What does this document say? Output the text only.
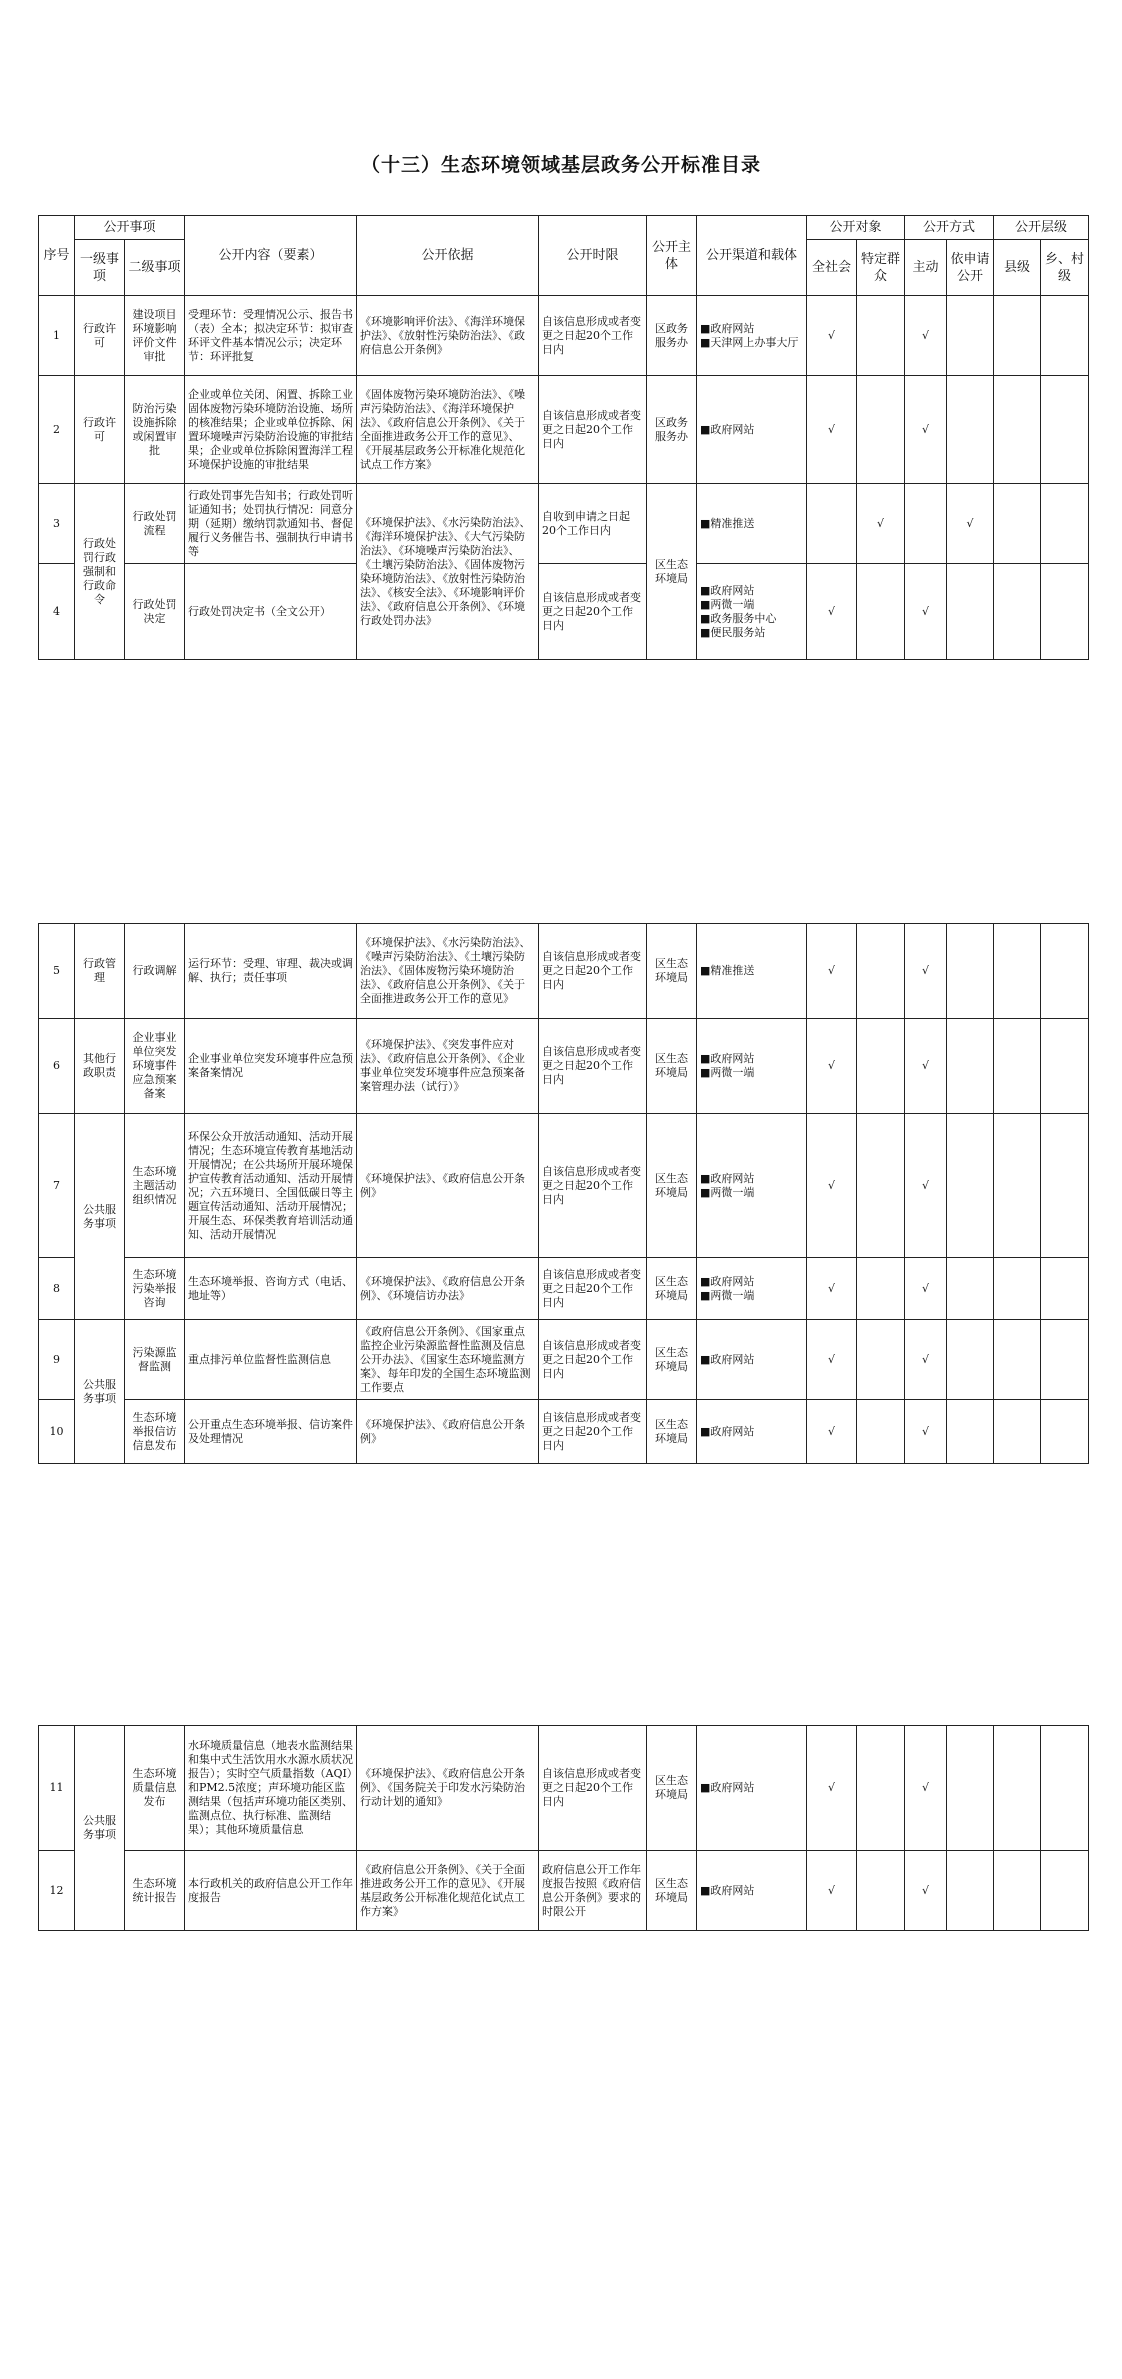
（十三）生态环境领域基层政务公开标准目录
序号	公开事项		公开内容（要素）	公开依据	公开时限	公开主体	公开渠道和载体	公开对象		公开方式		公开层级	
	一级事项	二级事项						全社会	特定群众	主动	依申请公开	县级	乡、村级
1	行政许可	建设项目环境影响评价文件审批	受理环节：受理情况公示、报告书（表）全本；拟决定环节：拟审查环评文件基本情况公示；决定环节：环评批复	《环境影响评价法》、《海洋环境保护法》、《放射性污染防治法》、《政府信息公开条例》	自该信息形成或者变更之日起20个工作日内	区政务服务办	■政府网站
■天津网上办事大厅	√		√			
2	行政许可	防治污染设施拆除或闲置审批	企业或单位关闭、闲置、拆除工业固体废物污染环境防治设施、场所的核准结果；企业或单位拆除、闲置环境噪声污染防治设施的审批结果；企业或单位拆除闲置海洋工程环境保护设施的审批结果	《固体废物污染环境防治法》、《噪声污染防治法》、《海洋环境保护法》、《政府信息公开条例》、《关于全面推进政务公开工作的意见》、《开展基层政务公开标准化规范化试点工作方案》	自该信息形成或者变更之日起20个工作日内	区政务服务办	■政府网站	√		√			
3	行政处罚行政强制和行政命令	行政处罚流程	行政处罚事先告知书；行政处罚听证通知书；处罚执行情况：同意分期（延期）缴纳罚款通知书、督促履行义务催告书、强制执行申请书等	《环境保护法》、《水污染防治法》、《海洋环境保护法》、《大气污染防治法》、《环境噪声污染防治法》、《土壤污染防治法》、《固体废物污染环境防治法》、《放射性污染防治法》、《核安全法》、《环境影响评价法》、《政府信息公开条例》、《环境行政处罚办法》	自收到申请之日起20个工作日内	区生态环境局	■精准推送		√		√		
4		行政处罚决定	行政处罚决定书（全文公开）		自该信息形成或者变更之日起20个工作日内		■政府网站
■两微一端
■政务服务中心
■便民服务站	√		√			
5	行政管理	行政调解	运行环节：受理、审理、裁决或调解、执行；责任事项	《环境保护法》、《水污染防治法》、《噪声污染防治法》、《土壤污染防治法》、《固体废物污染环境防治法》、《政府信息公开条例》、《关于全面推进政务公开工作的意见》	自该信息形成或者变更之日起20个工作日内	区生态环境局	■精准推送	√		√			
6	其他行政职责	企业事业单位突发环境事件应急预案备案	企业事业单位突发环境事件应急预案备案情况	《环境保护法》、《突发事件应对法》、《政府信息公开条例》、《企业事业单位突发环境事件应急预案备案管理办法（试行）》	自该信息形成或者变更之日起20个工作日内	区生态环境局	■政府网站
■两微一端	√		√			
7	公共服务事项	生态环境主题活动组织情况	环保公众开放活动通知、活动开展情况；生态环境宣传教育基地活动开展情况；在公共场所开展环境保护宣传教育活动通知、活动开展情况；六五环境日、全国低碳日等主题宣传活动通知、活动开展情况；开展生态、环保类教育培训活动通知、活动开展情况	《环境保护法》、《政府信息公开条例》	自该信息形成或者变更之日起20个工作日内	区生态环境局	■政府网站
■两微一端	√		√			
8		生态环境污染举报咨询	生态环境举报、咨询方式（电话、地址等）	《环境保护法》、《政府信息公开条例》、《环境信访办法》	自该信息形成或者变更之日起20个工作日内	区生态环境局	■政府网站
■两微一端	√		√			
9	公共服务事项	污染源监督监测	重点排污单位监督性监测信息	《政府信息公开条例》、《国家重点监控企业污染源监督性监测及信息公开办法》、《国家生态环境监测方案》、每年印发的全国生态环境监测工作要点	自该信息形成或者变更之日起20个工作日内	区生态环境局	■政府网站	√		√			
10		生态环境举报信访信息发布	公开重点生态环境举报、信访案件及处理情况	《环境保护法》、《政府信息公开条例》	自该信息形成或者变更之日起20个工作日内	区生态环境局	■政府网站	√		√			
11	公共服务事项	生态环境质量信息发布	水环境质量信息（地表水监测结果和集中式生活饮用水水源水质状况报告）；实时空气质量指数（AQI）和PM2.5浓度；声环境功能区监测结果（包括声环境功能区类别、监测点位、执行标准、监测结果）；其他环境质量信息	《环境保护法》、《政府信息公开条例》、《国务院关于印发水污染防治行动计划的通知》	自该信息形成或者变更之日起20个工作日内	区生态环境局	■政府网站	√		√			
12		生态环境统计报告	本行政机关的政府信息公开工作年度报告	《政府信息公开条例》、《关于全面推进政务公开工作的意见》、《开展基层政务公开标准化规范化试点工作方案》	政府信息公开工作年度报告按照《政府信息公开条例》要求的时限公开	区生态环境局	■政府网站	√		√			
